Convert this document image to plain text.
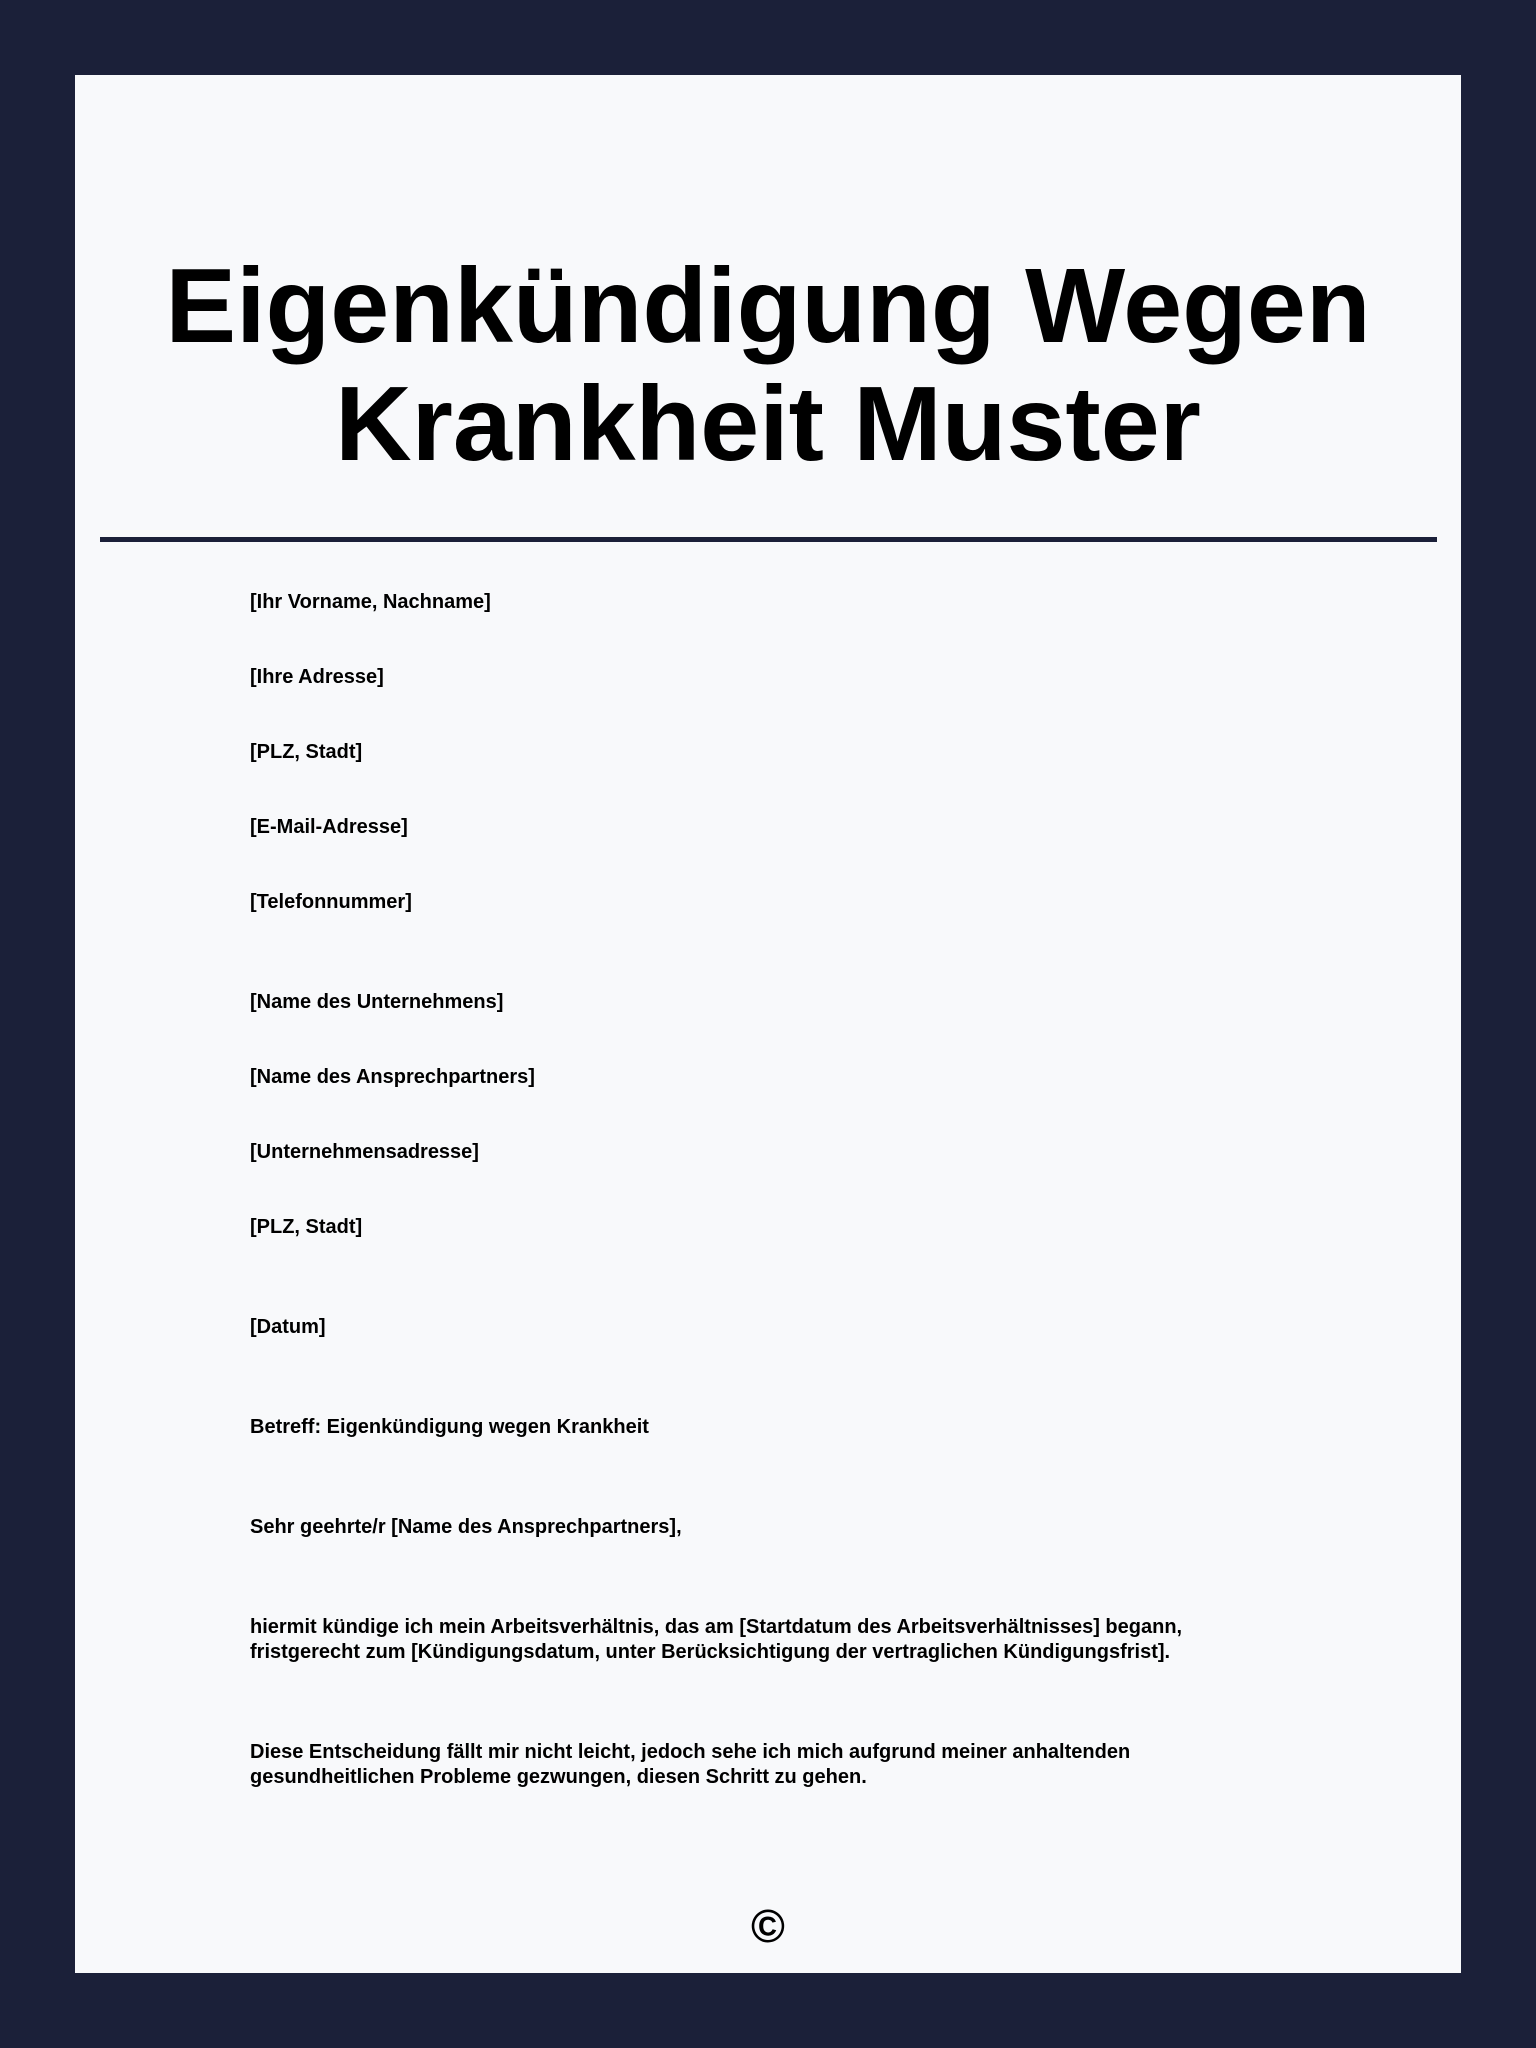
Eigenkündigung Wegen Krankheit Muster

[Ihr Vorname, Nachname]

[Ihre Adresse]

[PLZ, Stadt]

[E-Mail-Adresse]

[Telefonnummer]

[Name des Unternehmens]

[Name des Ansprechpartners]

[Unternehmensadresse]

[PLZ, Stadt]

[Datum]

Betreff: Eigenkündigung wegen Krankheit

Sehr geehrte/r [Name des Ansprechpartners],

hiermit kündige ich mein Arbeitsverhältnis, das am [Startdatum des Arbeitsverhältnisses] begann, fristgerecht zum [Kündigungsdatum, unter Berücksichtigung der vertraglichen Kündigungsfrist].

Diese Entscheidung fällt mir nicht leicht, jedoch sehe ich mich aufgrund meiner anhaltenden gesundheitlichen Probleme gezwungen, diesen Schritt zu gehen.

©
